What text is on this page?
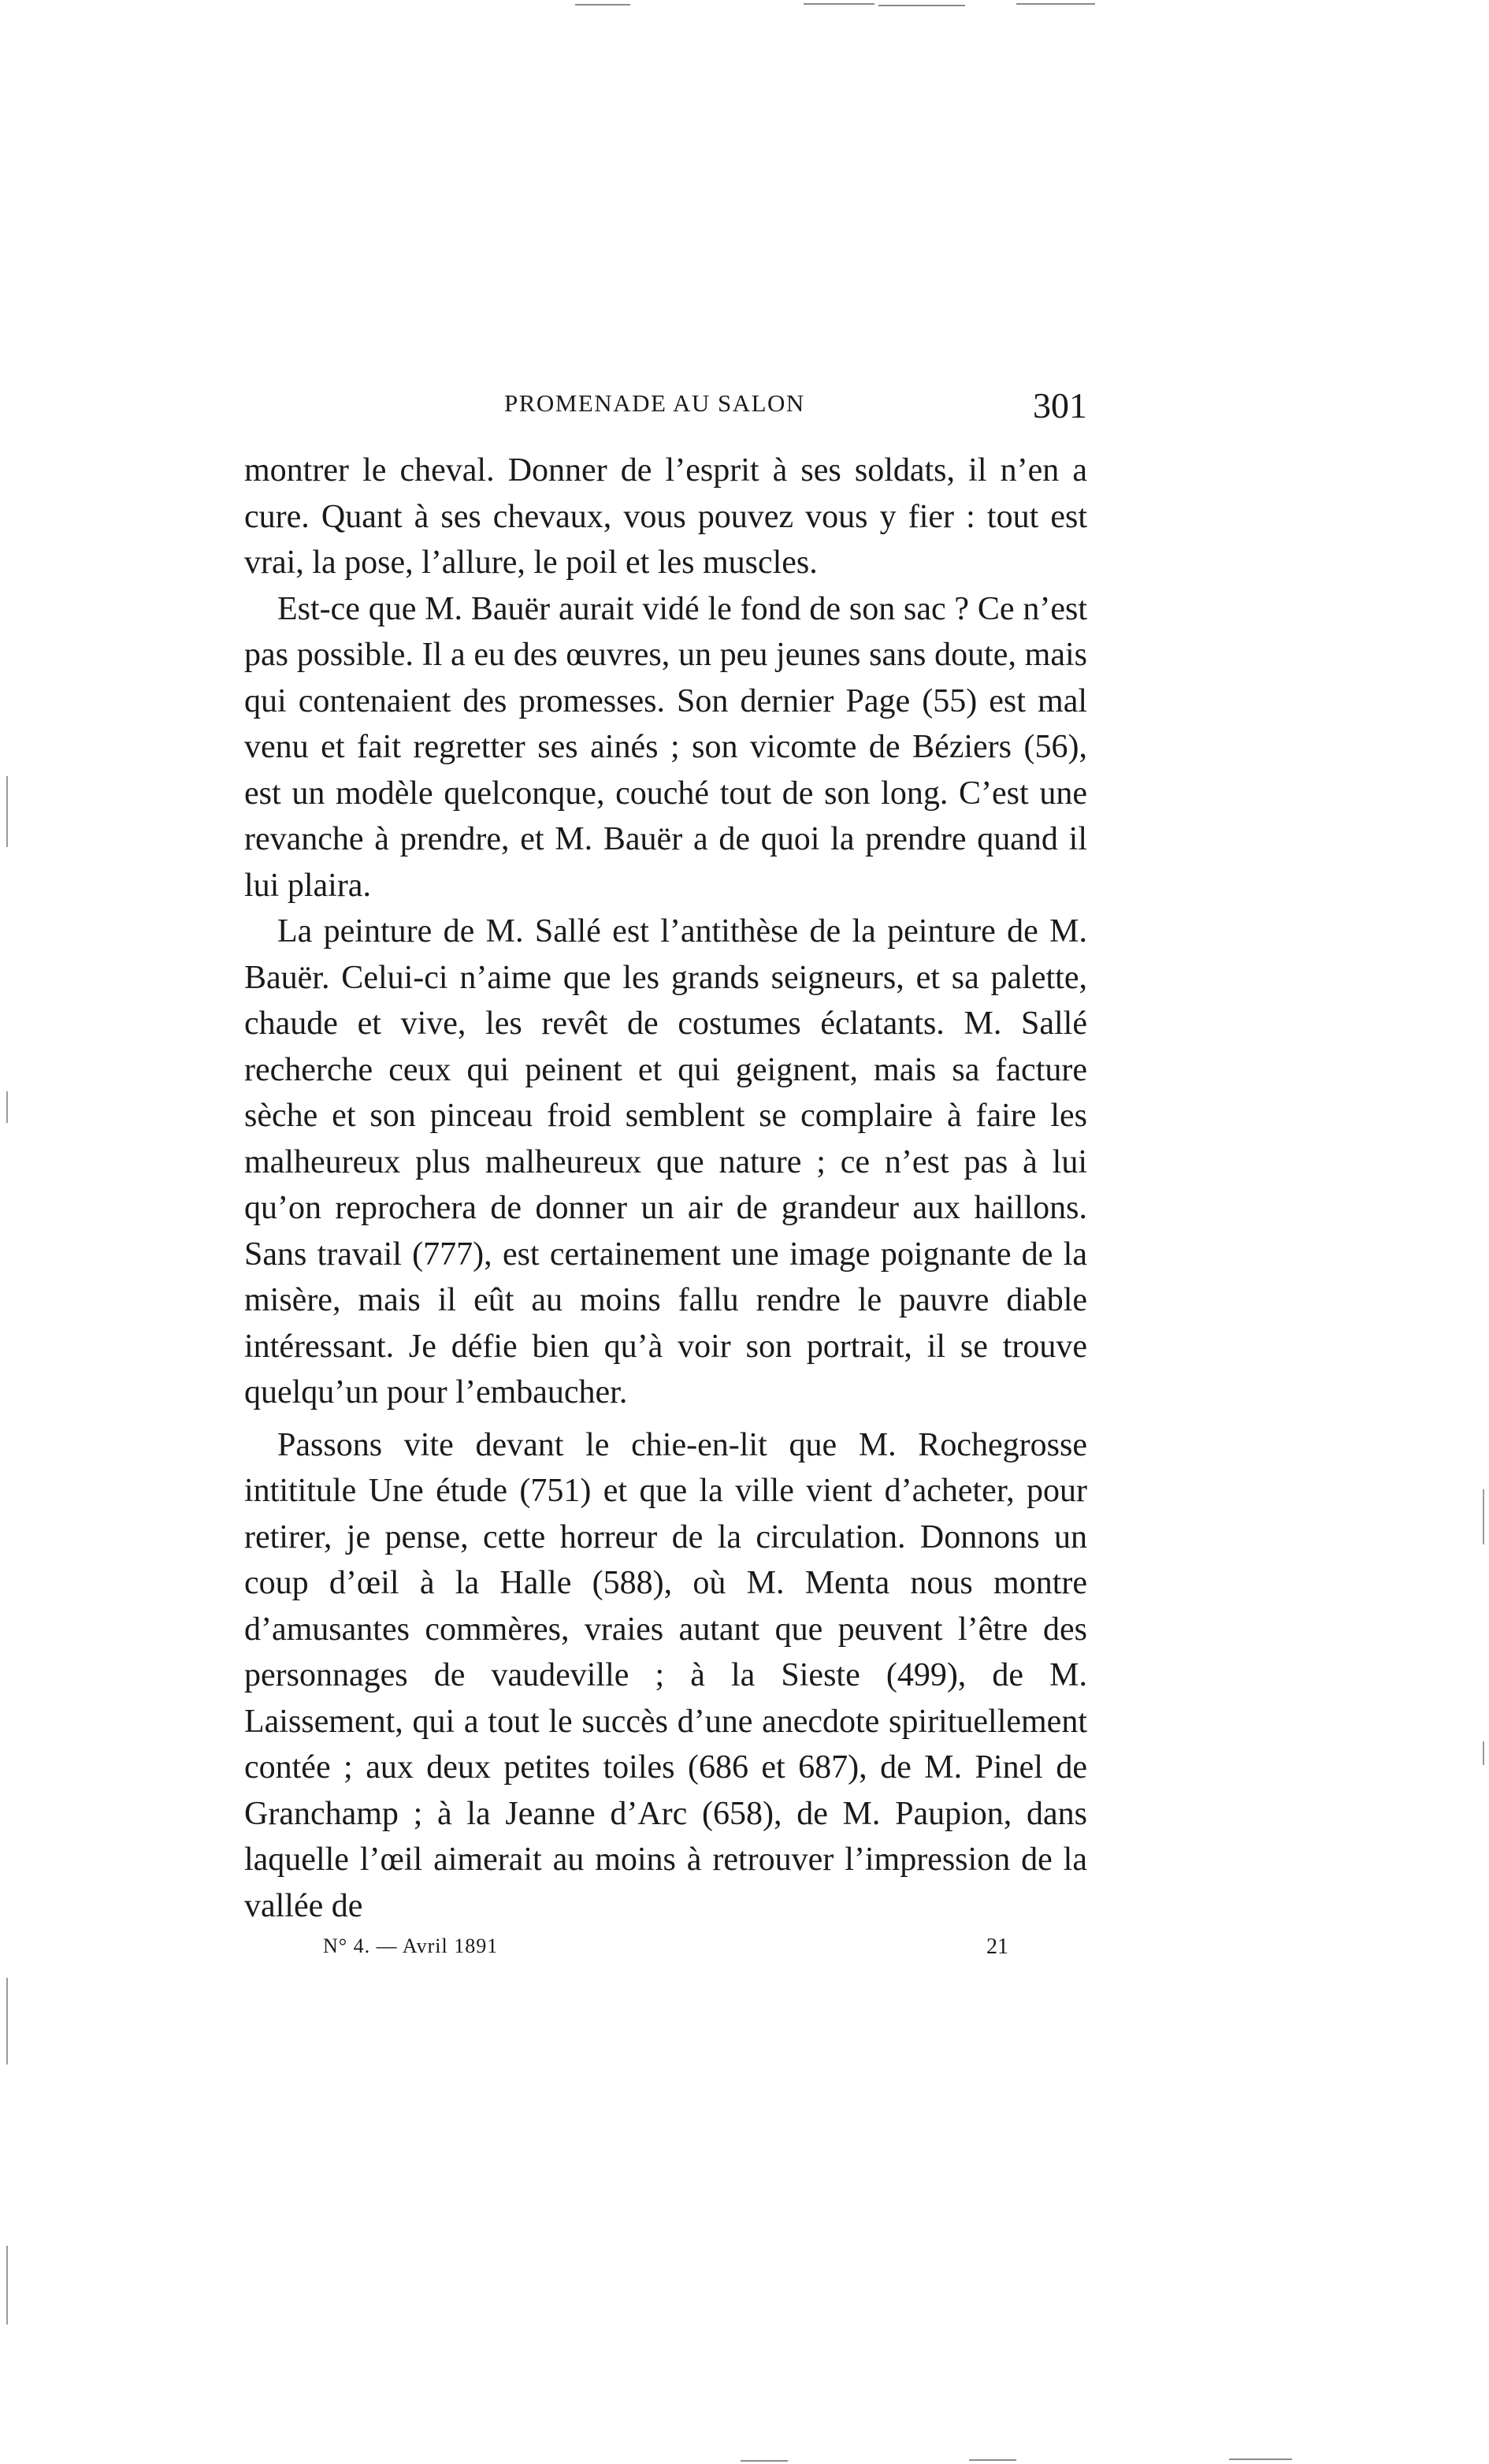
PROMENADE AU SALON	301

montrer le cheval. Donner de l’esprit à ses soldats, il n’en a cure. Quant à ses chevaux, vous pouvez vous y fier : tout est vrai, la pose, l’allure, le poil et les muscles.

Est-ce que M. Bauër aurait vidé le fond de son sac ? Ce n’est pas possible. Il a eu des œuvres, un peu jeunes sans doute, mais qui contenaient des promesses. Son dernier Page (55) est mal venu et fait regretter ses ainés ; son vicomte de Béziers (56), est un modèle quelconque, couché tout de son long. C’est une revanche à prendre, et M. Bauër a de quoi la prendre quand il lui plaira.

La peinture de M. Sallé est l’antithèse de la peinture de M. Bauër. Celui-ci n’aime que les grands seigneurs, et sa palette, chaude et vive, les revêt de costumes éclatants. M. Sallé recherche ceux qui peinent et qui geignent, mais sa facture sèche et son pinceau froid semblent se complaire à faire les malheureux plus malheureux que nature ; ce n’est pas à lui qu’on reprochera de donner un air de grandeur aux haillons. Sans travail (777), est certainement une image poignante de la misère, mais il eût au moins fallu rendre le pauvre diable intéressant. Je défie bien qu’à voir son portrait, il se trouve quelqu’un pour l’embaucher.

Passons vite devant le chie-en-lit que M. Rochegrosse intititule Une étude (751) et que la ville vient d’acheter, pour retirer, je pense, cette horreur de la circulation. Donnons un coup d’œil à la Halle (588), où M. Menta nous montre d’amusantes commères, vraies autant que peuvent l’être des personnages de vaudeville ; à la Sieste (499), de M. Laissement, qui a tout le succès d’une anecdote spirituellement contée ; aux deux petites toiles (686 et 687), de M. Pinel de Granchamp ; à la Jeanne d’Arc (658), de M. Paupion, dans laquelle l’œil aimerait au moins à retrouver l’impression de la vallée de

N° 4. — Avril 1891	21
